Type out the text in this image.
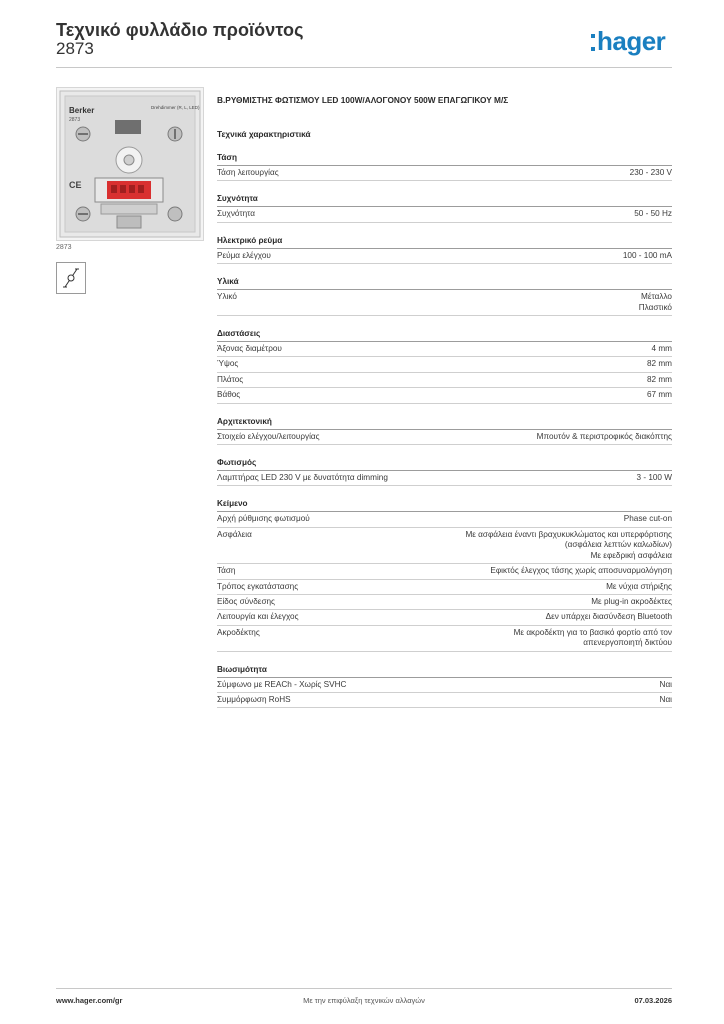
Τεχνικό φυλλάδιο προϊόντος
2873	hager
Berker
2873
Drehdimmer (R, L, LED)
CE
2873
Β.ΡΥΘΜΙΣΤΗΣ ΦΩΤΙΣΜΟΥ LED 100W/ΑΛΟΓΟΝΟΥ 500W ΕΠΑΓΩΓΙΚΟΥ Μ/Σ
Τεχνικά χαρακτηριστικά
Τάση
Τάση λειτουργίας	230 - 230 V
Συχνότητα
Συχνότητα	50 - 50 Hz
Ηλεκτρικό ρεύμα
Ρεύμα ελέγχου	100 - 100 mA
Υλικά
Υλικό	Μέταλλο
Πλαστικό
Διαστάσεις
Άξονας διαμέτρου	4 mm
Ύψος	82 mm
Πλάτος	82 mm
Βάθος	67 mm
Αρχιτεκτονική
Στοιχείο ελέγχου/λειτουργίας	Μπουτόν & περιστροφικός διακόπτης
Φωτισμός
Λαμπτήρας LED 230 V με δυνατότητα dimming	3 - 100 W
Κείμενο
Αρχή ρύθμισης φωτισμού	Phase cut-on
Ασφάλεια	Με ασφάλεια έναντι βραχυκυκλώματος και υπερφόρτισης
(ασφάλεια λεπτών καλωδίων)
Με εφεδρική ασφάλεια
Τάση	Εφικτός έλεγχος τάσης χωρίς αποσυναρμολόγηση
Τρόπος εγκατάστασης	Με νύχια στήριξης
Είδος σύνδεσης	Με plug-in ακροδέκτες
Λειτουργία και έλεγχος	Δεν υπάρχει διασύνδεση Bluetooth
Ακροδέκτης	Με ακροδέκτη για το βασικό φορτίο από τον
απενεργοποιητή δικτύου
Βιωσιμότητα
Σύμφωνο με REACh - Χωρίς SVHC	Ναι
Συμμόρφωση RoHS	Ναι
www.hager.com/gr	Με την επιφύλαξη τεχνικών αλλαγών	07.03.2026
